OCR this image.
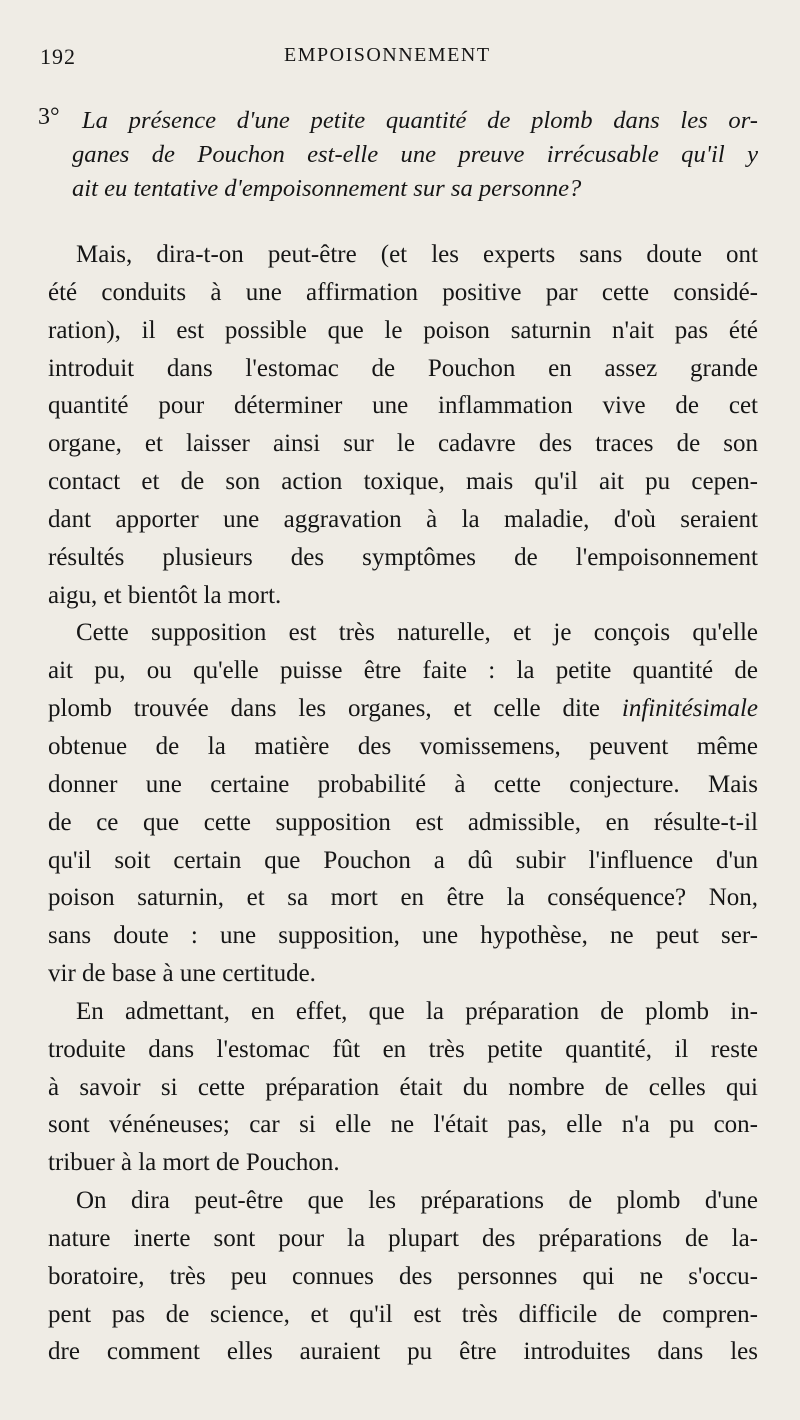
192	EMPOISONNEMENT
3° La présence d'une petite quantité de plomb dans les or-
ganes de Pouchon est-elle une preuve irrécusable qu'il y
ait eu tentative d'empoisonnement sur sa personne?
Mais, dira-t-on peut-être (et les experts sans doute ont
été conduits à une affirmation positive par cette considé-
ration), il est possible que le poison saturnin n'ait pas été
introduit dans l'estomac de Pouchon en assez grande
quantité pour déterminer une inflammation vive de cet
organe, et laisser ainsi sur le cadavre des traces de son
contact et de son action toxique, mais qu'il ait pu cepen-
dant apporter une aggravation à la maladie, d'où seraient
résultés plusieurs des symptômes de l'empoisonnement
aigu, et bientôt la mort.
Cette supposition est très naturelle, et je conçois qu'elle
ait pu, ou qu'elle puisse être faite : la petite quantité de
plomb trouvée dans les organes, et celle dite infinitésimale
obtenue de la matière des vomissemens, peuvent même
donner une certaine probabilité à cette conjecture. Mais
de ce que cette supposition est admissible, en résulte-t-il
qu'il soit certain que Pouchon a dû subir l'influence d'un
poison saturnin, et sa mort en être la conséquence? Non,
sans doute : une supposition, une hypothèse, ne peut ser-
vir de base à une certitude.
En admettant, en effet, que la préparation de plomb in-
troduite dans l'estomac fût en très petite quantité, il reste
à savoir si cette préparation était du nombre de celles qui
sont vénéneuses; car si elle ne l'était pas, elle n'a pu con-
tribuer à la mort de Pouchon.
On dira peut-être que les préparations de plomb d'une
nature inerte sont pour la plupart des préparations de la-
boratoire, très peu connues des personnes qui ne s'occu-
pent pas de science, et qu'il est très difficile de compren-
dre comment elles auraient pu être introduites dans les
